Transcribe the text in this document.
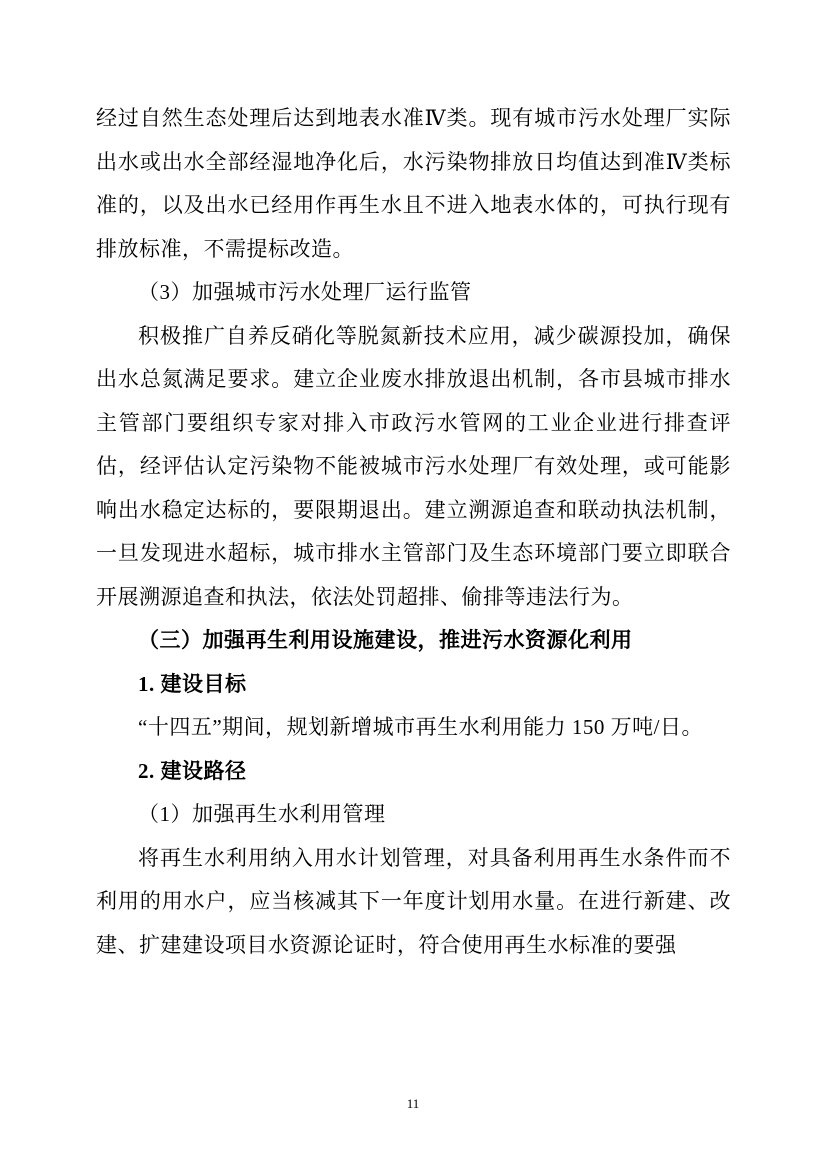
经过自然生态处理后达到地表水准Ⅳ类。现有城市污水处理厂实际出水或出水全部经湿地净化后，水污染物排放日均值达到准Ⅳ类标准的，以及出水已经用作再生水且不进入地表水体的，可执行现有排放标准，不需提标改造。

（3）加强城市污水处理厂运行监管

积极推广自养反硝化等脱氮新技术应用，减少碳源投加，确保出水总氮满足要求。建立企业废水排放退出机制，各市县城市排水主管部门要组织专家对排入市政污水管网的工业企业进行排查评估，经评估认定污染物不能被城市污水处理厂有效处理，或可能影响出水稳定达标的，要限期退出。建立溯源追查和联动执法机制，一旦发现进水超标，城市排水主管部门及生态环境部门要立即联合开展溯源追查和执法，依法处罚超排、偷排等违法行为。

（三）加强再生利用设施建设，推进污水资源化利用

1. 建设目标

“十四五”期间，规划新增城市再生水利用能力 150 万吨/日。

2. 建设路径

（1）加强再生水利用管理

将再生水利用纳入用水计划管理，对具备利用再生水条件而不利用的用水户，应当核减其下一年度计划用水量。在进行新建、改建、扩建建设项目水资源论证时，符合使用再生水标准的要强

11
